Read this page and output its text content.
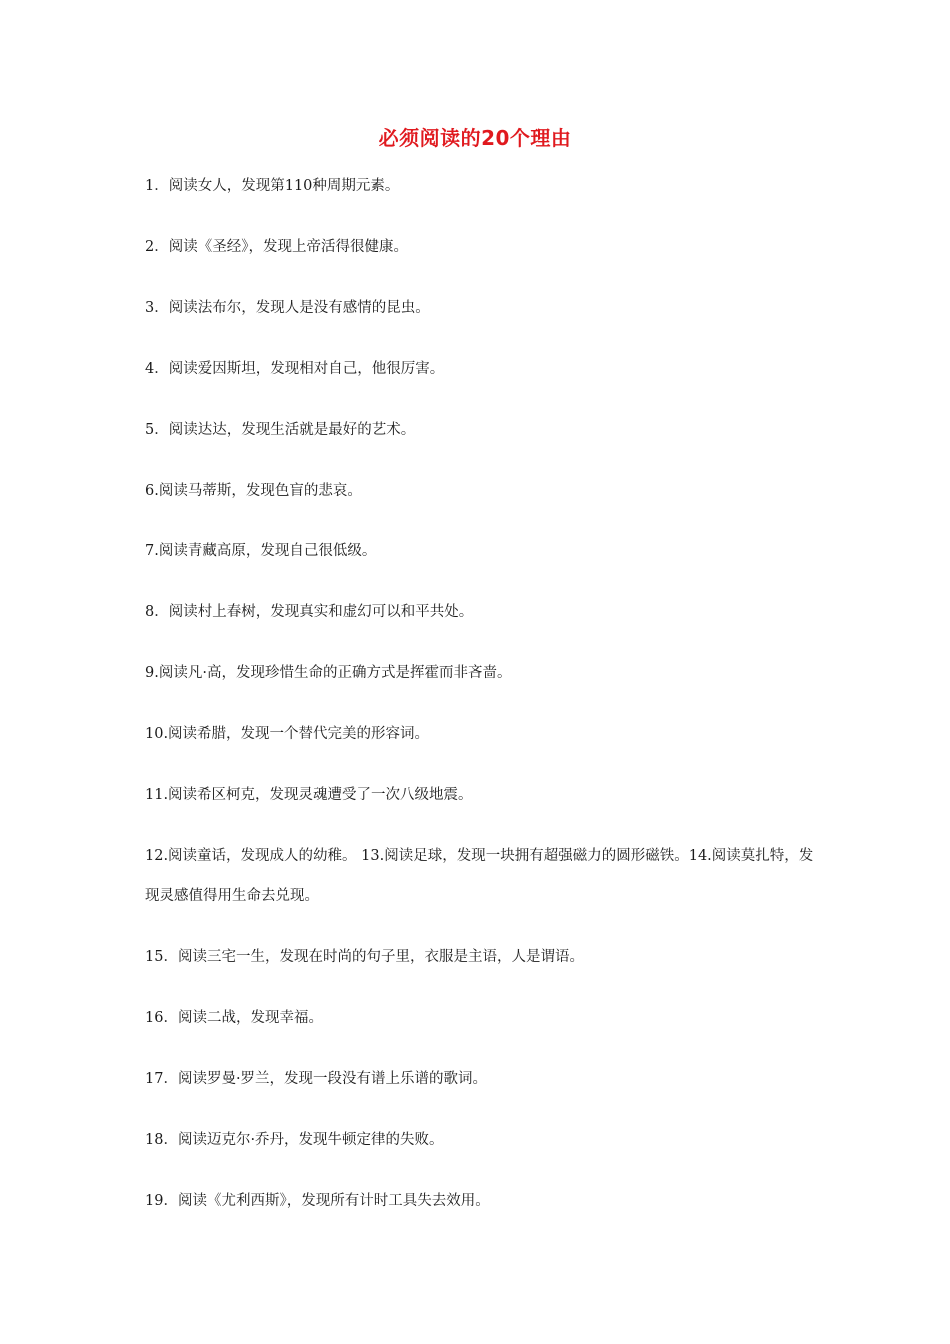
必须阅读的20个理由
1．阅读女人，发现第110种周期元素。
2．阅读《圣经》，发现上帝活得很健康。
3．阅读法布尔，发现人是没有感情的昆虫。
4．阅读爱因斯坦，发现相对自己，他很厉害。
5．阅读达达，发现生活就是最好的艺术。
6.阅读马蒂斯，发现色盲的悲哀。
7.阅读青藏高原，发现自己很低级。
8．阅读村上春树，发现真实和虚幻可以和平共处。
9.阅读凡·高，发现珍惜生命的正确方式是挥霍而非吝啬。
10.阅读希腊，发现一个替代完美的形容词。
11.阅读希区柯克，发现灵魂遭受了一次八级地震。
12.阅读童话，发现成人的幼稚。 13.阅读足球，发现一块拥有超强磁力的圆形磁铁。14.阅读莫扎特，发现灵感值得用生命去兑现。
15．阅读三宅一生，发现在时尚的句子里，衣服是主语，人是谓语。
16．阅读二战，发现幸福。
17．阅读罗曼·罗兰，发现一段没有谱上乐谱的歌词。
18．阅读迈克尔·乔丹，发现牛顿定律的失败。
19．阅读《尤利西斯》，发现所有计时工具失去效用。
